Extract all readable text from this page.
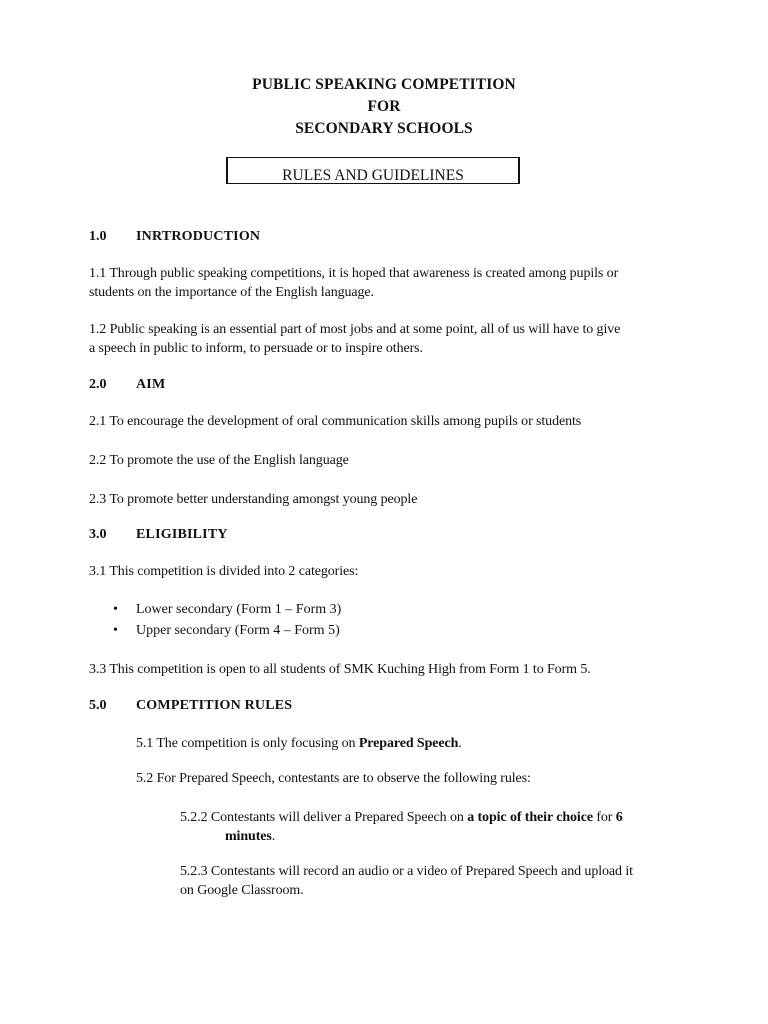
PUBLIC SPEAKING COMPETITION
FOR
SECONDARY SCHOOLS
RULES AND GUIDELINES
1.0 INRTRODUCTION
1.1 Through public speaking competitions, it is hoped that awareness is created among pupils or
students on the importance of the English language.
1.2 Public speaking is an essential part of most jobs and at some point, all of us will have to give
a speech in public to inform, to persuade or to inspire others.
2.0 AIM
2.1 To encourage the development of oral communication skills among pupils or students
2.2 To promote the use of the English language
2.3 To promote better understanding amongst young people
3.0 ELIGIBILITY
3.1 This competition is divided into 2 categories:
• Lower secondary (Form 1 – Form 3)
• Upper secondary (Form 4 – Form 5)
3.3 This competition is open to all students of SMK Kuching High from Form 1 to Form 5.
5.0 COMPETITION RULES
5.1 The competition is only focusing on Prepared Speech.
5.2 For Prepared Speech, contestants are to observe the following rules:
5.2.2 Contestants will deliver a Prepared Speech on a topic of their choice for 6
minutes.
5.2.3 Contestants will record an audio or a video of Prepared Speech and upload it
on Google Classroom.
